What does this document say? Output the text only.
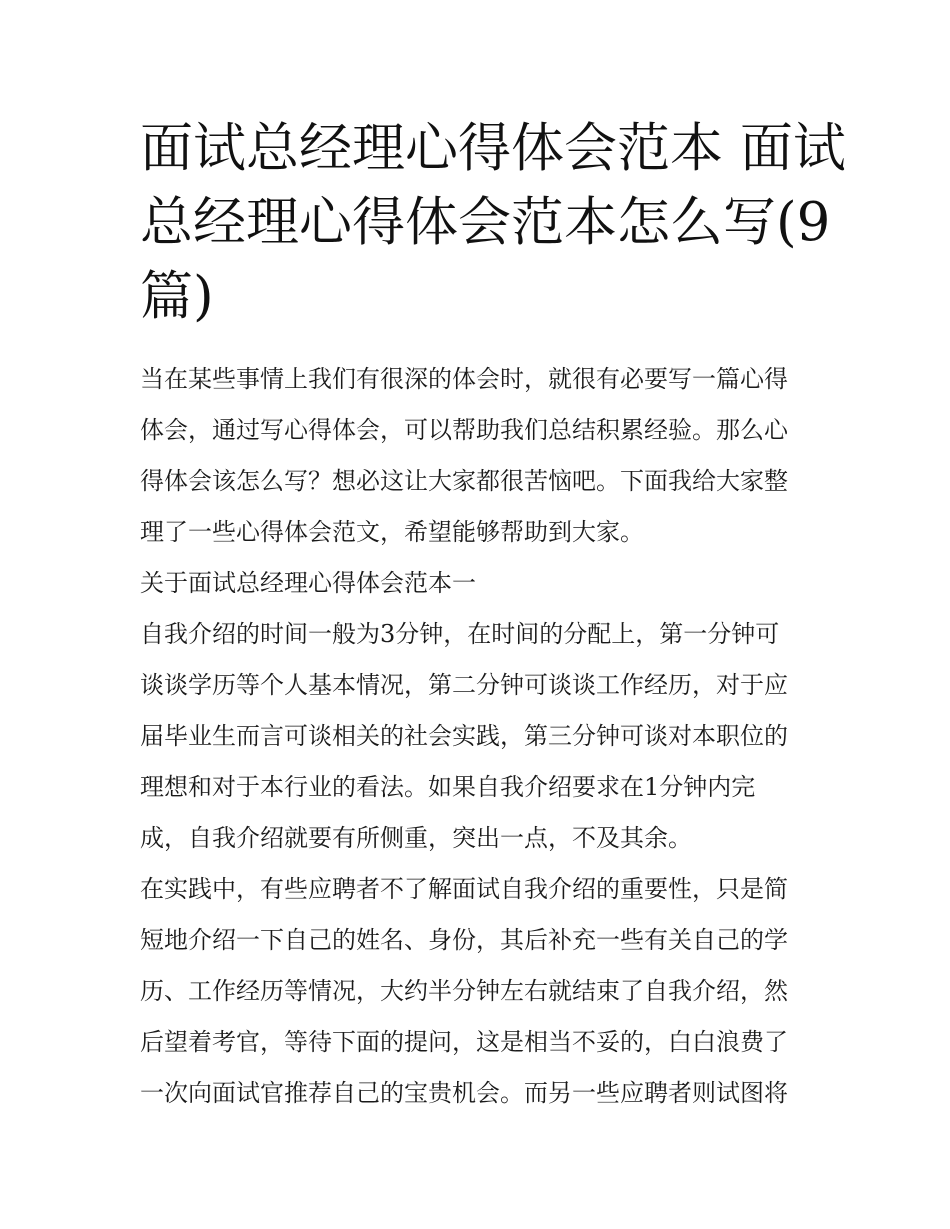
面试总经理心得体会范本 面试
总经理心得体会范本怎么写(9
篇)
当在某些事情上我们有很深的体会时，就很有必要写一篇心得
体会，通过写心得体会，可以帮助我们总结积累经验。那么心
得体会该怎么写？想必这让大家都很苦恼吧。下面我给大家整
理了一些心得体会范文，希望能够帮助到大家。
关于面试总经理心得体会范本一
自我介绍的时间一般为3分钟，在时间的分配上，第一分钟可
谈谈学历等个人基本情况，第二分钟可谈谈工作经历，对于应
届毕业生而言可谈相关的社会实践，第三分钟可谈对本职位的
理想和对于本行业的看法。如果自我介绍要求在1分钟内完
成，自我介绍就要有所侧重，突出一点，不及其余。
在实践中，有些应聘者不了解面试自我介绍的重要性，只是简
短地介绍一下自己的姓名、身份，其后补充一些有关自己的学
历、工作经历等情况，大约半分钟左右就结束了自我介绍，然
后望着考官，等待下面的提问，这是相当不妥的，白白浪费了
一次向面试官推荐自己的宝贵机会。而另一些应聘者则试图将
